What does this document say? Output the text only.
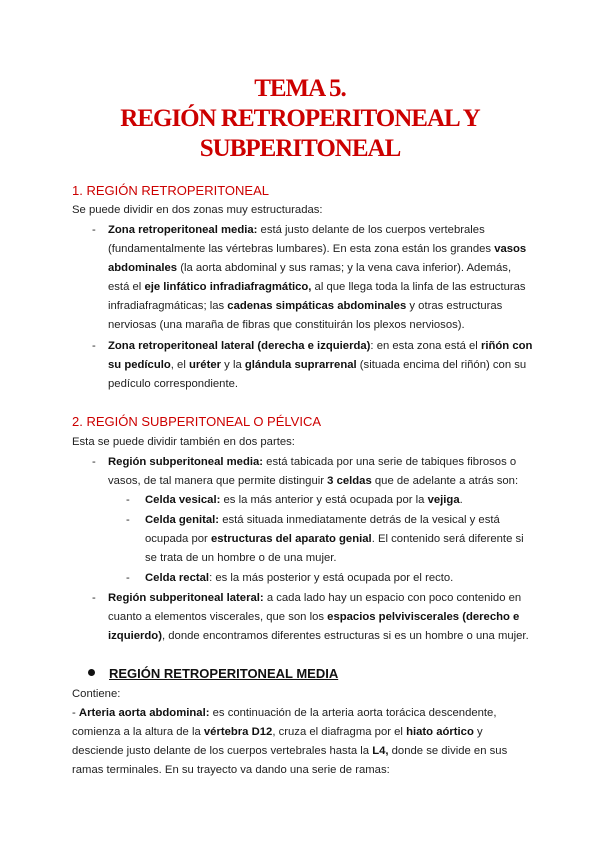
TEMA 5.
REGIÓN RETROPERITONEAL Y
SUBPERITONEAL
1. REGIÓN RETROPERITONEAL
Se puede dividir en dos zonas muy estructuradas:
- Zona retroperitoneal media: está justo delante de los cuerpos vertebrales
(fundamentalmente las vértebras lumbares). En esta zona están los grandes vasos
abdominales (la aorta abdominal y sus ramas; y la vena cava inferior). Además,
está el eje linfático infradiafragmático, al que llega toda la linfa de las estructuras
infradiafragmáticas; las cadenas simpáticas abdominales y otras estructuras
nerviosas (una maraña de fibras que constituirán los plexos nerviosos).
- Zona retroperitoneal lateral (derecha e izquierda): en esta zona está el riñón con
su pedículo, el uréter y la glándula suprarrenal (situada encima del riñón) con su
pedículo correspondiente.
2. REGIÓN SUBPERITONEAL O PÉLVICA
Esta se puede dividir también en dos partes:
- Región subperitoneal media: está tabicada por una serie de tabiques fibrosos o
vasos, de tal manera que permite distinguir 3 celdas que de adelante a atrás son:
- Celda vesical: es la más anterior y está ocupada por la vejiga.
- Celda genital: está situada inmediatamente detrás de la vesical y está
ocupada por estructuras del aparato genial. El contenido será diferente si
se trata de un hombre o de una mujer.
- Celda rectal: es la más posterior y está ocupada por el recto.
- Región subperitoneal lateral: a cada lado hay un espacio con poco contenido en
cuanto a elementos viscerales, que son los espacios pelviviscerales (derecho e
izquierdo), donde encontramos diferentes estructuras si es un hombre o una mujer.
REGIÓN RETROPERITONEAL MEDIA
Contiene:
- Arteria aorta abdominal: es continuación de la arteria aorta torácica descendente,
comienza a la altura de la vértebra D12, cruza el diafragma por el hiato aórtico y
desciende justo delante de los cuerpos vertebrales hasta la L4, donde se divide en sus
ramas terminales. En su trayecto va dando una serie de ramas:
